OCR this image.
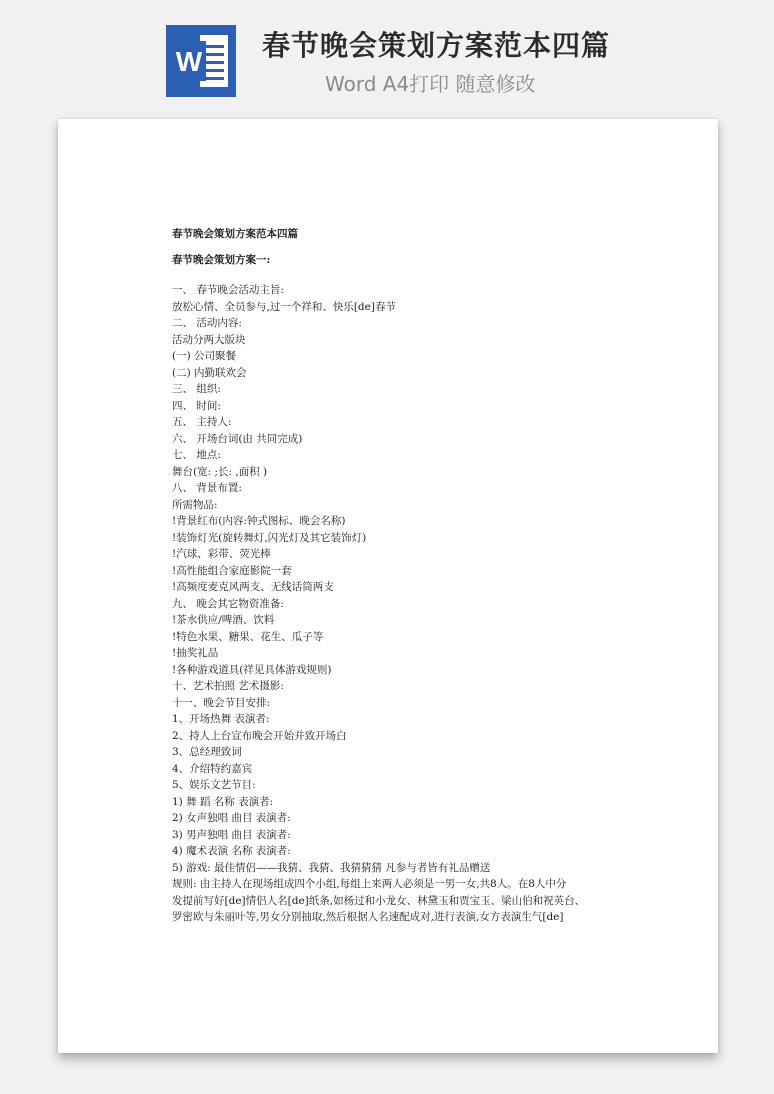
W 春节晚会策划方案范本四篇
Word A4打印 随意修改
春节晚会策划方案范本四篇
春节晚会策划方案一:
一、 春节晚会活动主旨:
放松心情、全员参与,过一个祥和、快乐[de]春节
二、 活动内容:
活动分两大版块
(一) 公司聚餐
(二) 内勤联欢会
三、 组织:
四、 时间:
五、 主持人:
六、 开场台词(由 共同完成)
七、 地点:
舞台(宽: ;长: ,面积 )
八、 背景布置:
所需物品:
!背景红布(内容:钟式图标、晚会名称)
!装饰灯光(旋转舞灯,闪光灯及其它装饰灯)
!汽球、彩带、荧光棒
!高性能组合家庭影院一套
!高频度麦克风两支、无线话筒两支
九、 晚会其它物资准备:
!茶水供应/啤酒、饮料
!特色水果、糖果、花生、瓜子等
!抽奖礼品
!各种游戏道具(祥见具体游戏规则)
十、艺术拍照 艺术摄影:
十一、晚会节目安排:
1、开场热舞 表演者:
2、持人上台宣布晚会开始并致开场白
3、总经理致词
4、介绍特约嘉宾
5、娱乐文艺节目:
1) 舞 蹈 名称 表演者:
2) 女声独唱 曲目 表演者:
3) 男声独唱 曲目 表演者:
4) 魔术表演 名称 表演者:
5) 游戏: 最佳情侣——我猜、我猜、我猜猜猜 凡参与者皆有礼品赠送
规则: 由主持人在现场组成四个小组,每组上来两人必须是一男一女,共8人。在8人中分
发提前写好[de]情侣人名[de]纸条,如杨过和小龙女、林黛玉和贾宝玉、梁山伯和祝英台、
罗密欧与朱丽叶等,男女分别抽取,然后根据人名速配成对,进行表演,女方表演生气[de]
